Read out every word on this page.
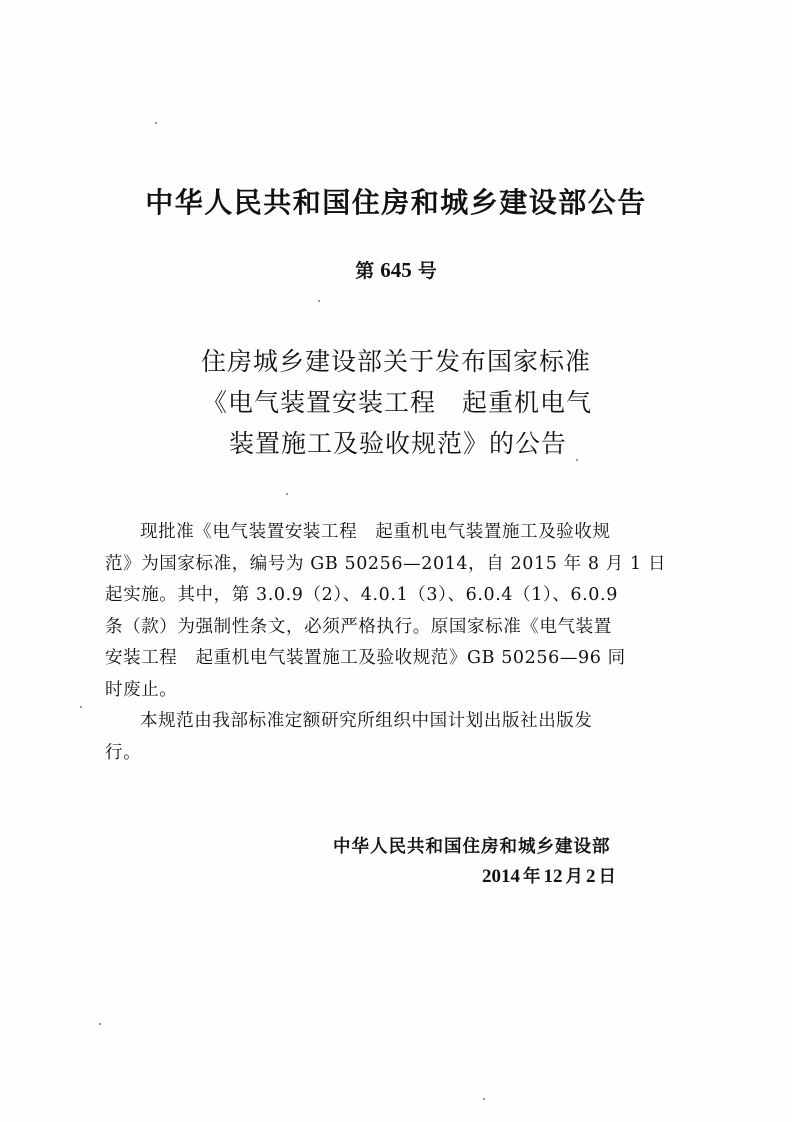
中华人民共和国住房和城乡建设部公告
第 645 号
住房城乡建设部关于发布国家标准
《电气装置安装工程　起重机电气
装置施工及验收规范》的公告
现批准《电气装置安装工程　起重机电气装置施工及验收规
范》为国家标准，编号为 GB 50256—2014，自 2015 年 8 月 1 日
起实施。其中，第 3.0.9（2）、4.0.1（3）、6.0.4（1）、6.0.9
条（款）为强制性条文，必须严格执行。原国家标准《电气装置
安装工程　起重机电气装置施工及验收规范》GB 50256—96 同
时废止。
本规范由我部标准定额研究所组织中国计划出版社出版发
行。
中华人民共和国住房和城乡建设部
2014 年 12 月 2 日
